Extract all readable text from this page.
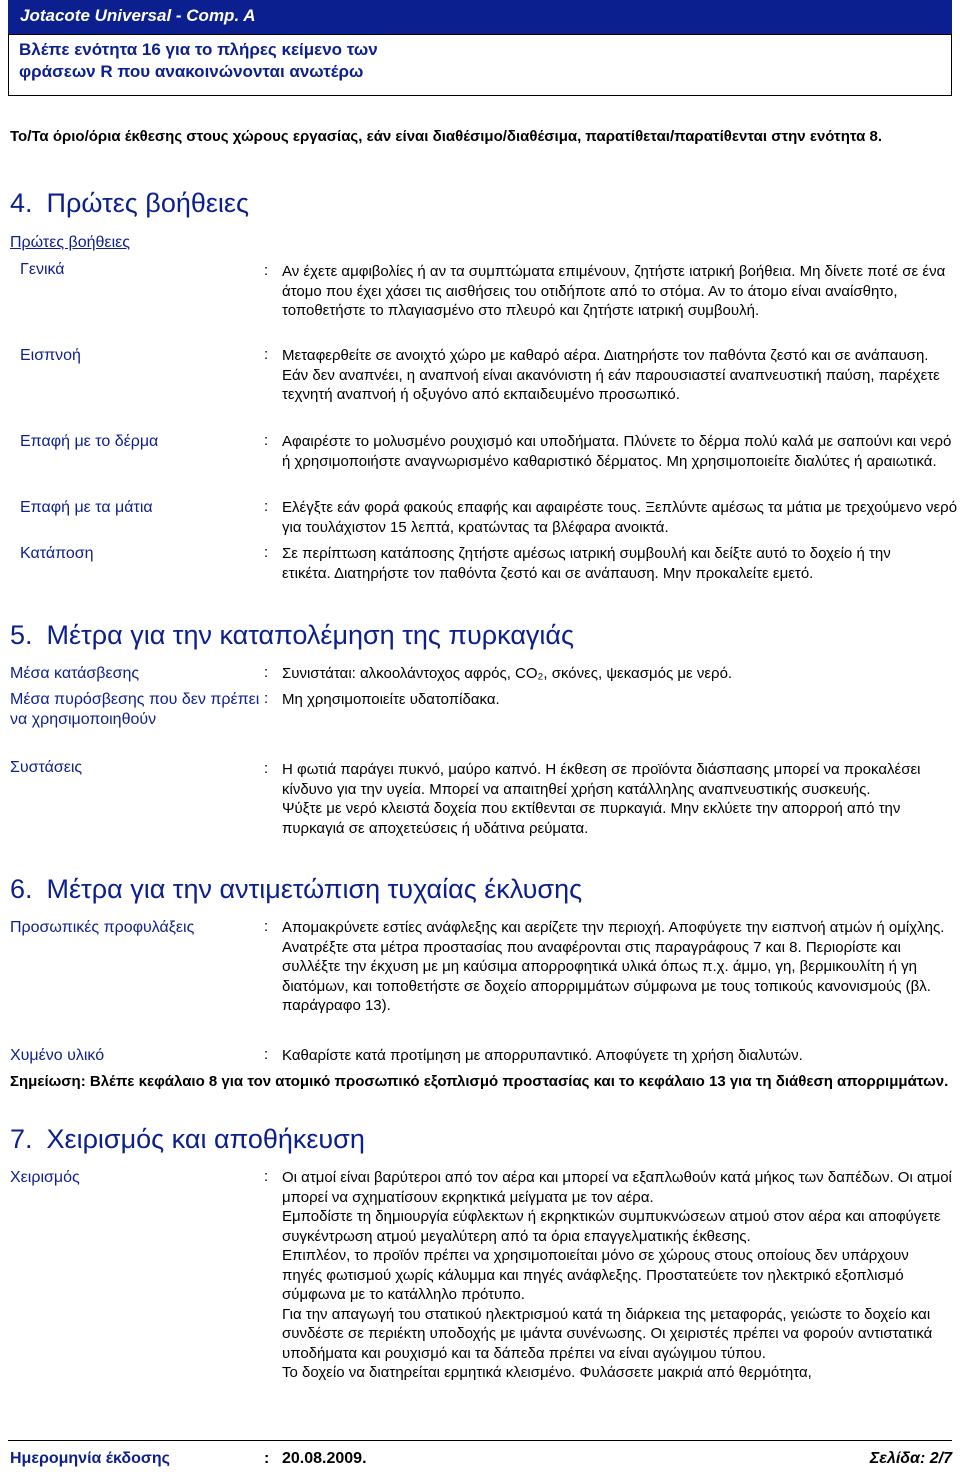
Jotacote Universal - Comp. A
Βλέπε ενότητα 16 για το πλήρες κείμενο των φράσεων R που ανακοινώνονται ανωτέρω
Το/Τα όριο/όρια έκθεσης στους χώρους εργασίας, εάν είναι διαθέσιμο/διαθέσιμα, παρατίθεται/παρατίθενται στην ενότητα 8.
4. Πρώτες βοήθειες
Πρώτες βοήθειες
Γενικά	: Αν έχετε αμφιβολίες ή αν τα συμπτώματα επιμένουν, ζητήστε ιατρική βοήθεια. Μη δίνετε ποτέ σε ένα άτομο που έχει χάσει τις αισθήσεις του οτιδήποτε από το στόμα. Αν το άτομο είναι αναίσθητο, τοποθετήστε το πλαγιασμένο στο πλευρό και ζητήστε ιατρική συμβουλή.
Εισπνοή	: Μεταφερθείτε σε ανοιχτό χώρο με καθαρό αέρα. Διατηρήστε τον παθόντα ζεστό και σε ανάπαυση. Εάν δεν αναπνέει, η αναπνοή είναι ακανόνιστη ή εάν παρουσιαστεί αναπνευστική παύση, παρέχετε τεχνητή αναπνοή ή οξυγόνο από εκπαιδευμένο προσωπικό.
Επαφή με το δέρμα	: Αφαιρέστε το μολυσμένο ρουχισμό και υποδήματα. Πλύνετε το δέρμα πολύ καλά με σαπούνι και νερό ή χρησιμοποιήστε αναγνωρισμένο καθαριστικό δέρματος. Μη χρησιμοποιείτε διαλύτες ή αραιωτικά.
Επαφή με τα μάτια	: Ελέγξτε εάν φορά φακούς επαφής και αφαιρέστε τους. Ξεπλύντε αμέσως τα μάτια με τρεχούμενο νερό για τουλάχιστον 15 λεπτά, κρατώντας τα βλέφαρα ανοικτά.
Κατάποση	: Σε περίπτωση κατάποσης ζητήστε αμέσως ιατρική συμβουλή και δείξτε αυτό το δοχείο ή την ετικέτα. Διατηρήστε τον παθόντα ζεστό και σε ανάπαυση. Μην προκαλείτε εμετό.
5. Μέτρα για την καταπολέμηση της πυρκαγιάς
Μέσα κατάσβεσης	: Συνιστάται: αλκοολάντοχος αφρός, CO₂, σκόνες, ψεκασμός με νερό.
Μέσα πυρόσβεσης που δεν πρέπει να χρησιμοποιηθούν
: Μη χρησιμοποιείτε υδατοπίδακα.
Συστάσεις	: Η φωτιά παράγει πυκνό, μαύρο καπνό. Η έκθεση σε προϊόντα διάσπασης μπορεί να προκαλέσει κίνδυνο για την υγεία. Μπορεί να απαιτηθεί χρήση κατάλληλης αναπνευστικής συσκευής.
Ψύξτε με νερό κλειστά δοχεία που εκτίθενται σε πυρκαγιά. Μην εκλύετε την απορροή από την πυρκαγιά σε αποχετεύσεις ή υδάτινα ρεύματα.
6. Μέτρα για την αντιμετώπιση τυχαίας έκλυσης
Προσωπικές προφυλάξεις	: Απομακρύνετε εστίες ανάφλεξης και αερίζετε την περιοχή. Αποφύγετε την εισπνοή ατμών ή ομίχλης. Ανατρέξτε στα μέτρα προστασίας που αναφέρονται στις παραγράφους 7 και 8. Περιορίστε και συλλέξτε την έκχυση με μη καύσιμα απορροφητικά υλικά όπως π.χ. άμμο, γη, βερμικουλίτη ή γη διατόμων, και τοποθετήστε σε δοχείο απορριμμάτων σύμφωνα με τους τοπικούς κανονισμούς (βλ. παράγραφο 13).
Χυμένο υλικό	: Καθαρίστε κατά προτίμηση με απορρυπαντικό. Αποφύγετε τη χρήση διαλυτών.
Σημείωση: Βλέπε κεφάλαιο 8 για τον ατομικό προσωπικό εξοπλισμό προστασίας και το κεφάλαιο 13 για τη διάθεση απορριμμάτων.
7. Χειρισμός και αποθήκευση
Χειρισμός	: Οι ατμοί είναι βαρύτεροι από τον αέρα και μπορεί να εξαπλωθούν κατά μήκος των δαπέδων. Οι ατμοί μπορεί να σχηματίσουν εκρηκτικά μείγματα με τον αέρα.
Εμποδίστε τη δημιουργία εύφλεκτων ή εκρηκτικών συμπυκνώσεων ατμού στον αέρα και αποφύγετε συγκέντρωση ατμού μεγαλύτερη από τα όρια επαγγελματικής έκθεσης.
Επιπλέον, το προϊόν πρέπει να χρησιμοποιείται μόνο σε χώρους στους οποίους δεν υπάρχουν πηγές φωτισμού χωρίς κάλυμμα και πηγές ανάφλεξης. Προστατεύετε τον ηλεκτρικό εξοπλισμό σύμφωνα με το κατάλληλο πρότυπο.
Για την απαγωγή του στατικού ηλεκτρισμού κατά τη διάρκεια της μεταφοράς, γειώστε το δοχείο και συνδέστε σε περιέκτη υποδοχής με ιμάντα συνένωσης. Οι χειριστές πρέπει να φορούν αντιστατικά υποδήματα και ρουχισμό και τα δάπεδα πρέπει να είναι αγώγιμου τύπου.
Το δοχείο να διατηρείται ερμητικά κλεισμένο. Φυλάσσετε μακριά από θερμότητα,
Ημερομηνία έκδοσης	: 20.08.2009.	Σελίδα: 2/7
